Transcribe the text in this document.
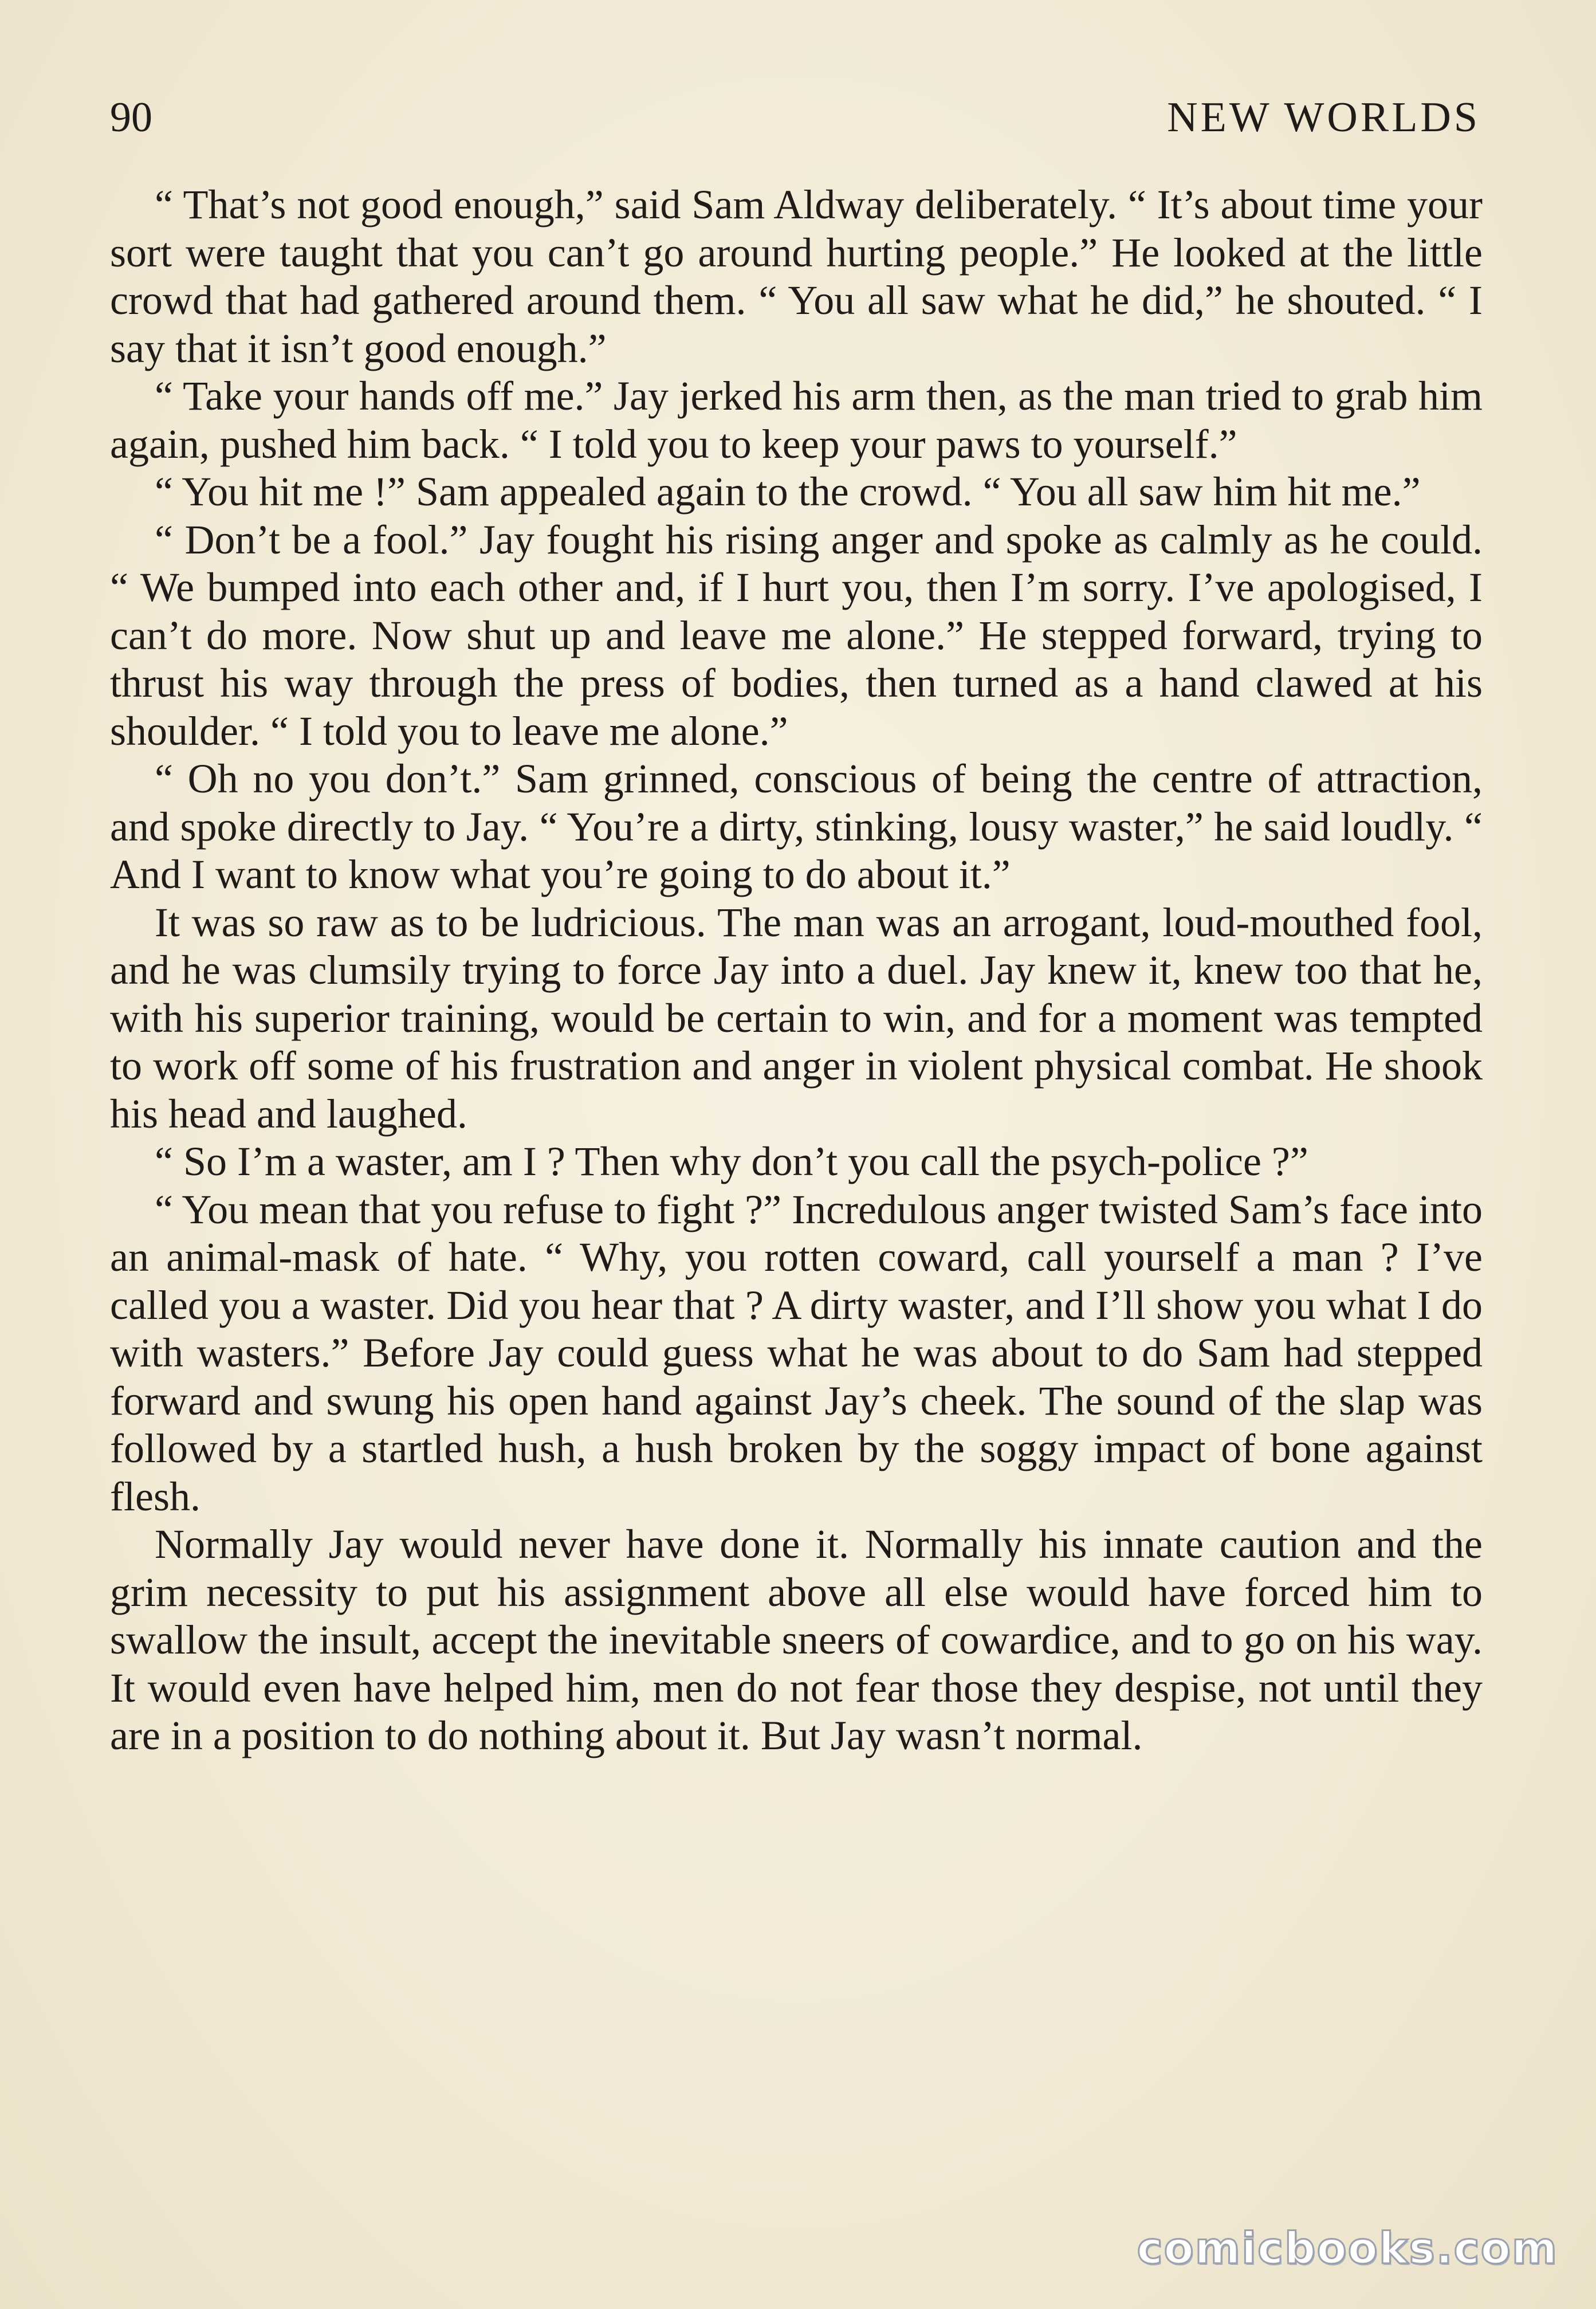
90	NEW WORLDS

“ That’s not good enough,” said Sam Aldway deliberately. “ It’s about time your sort were taught that you can’t go around hurting people.” He looked at the little crowd that had gathered around them. “ You all saw what he did,” he shouted. “ I say that it isn’t good enough.”

“ Take your hands off me.” Jay jerked his arm then, as the man tried to grab him again, pushed him back. “ I told you to keep your paws to yourself.”

“ You hit me !” Sam appealed again to the crowd. “ You all saw him hit me.”

“ Don’t be a fool.” Jay fought his rising anger and spoke as calmly as he could. “ We bumped into each other and, if I hurt you, then I’m sorry. I’ve apologised, I can’t do more. Now shut up and leave me alone.” He stepped forward, trying to thrust his way through the press of bodies, then turned as a hand clawed at his shoulder. “ I told you to leave me alone.”

“ Oh no you don’t.” Sam grinned, conscious of being the centre of attraction, and spoke directly to Jay. “ You’re a dirty, stinking, lousy waster,” he said loudly. “ And I want to know what you’re going to do about it.”

It was so raw as to be ludricious. The man was an arrogant, loud-mouthed fool, and he was clumsily trying to force Jay into a duel. Jay knew it, knew too that he, with his superior training, would be certain to win, and for a moment was tempted to work off some of his frustration and anger in violent physical combat. He shook his head and laughed.

“ So I’m a waster, am I ? Then why don’t you call the psych-police ?”

“ You mean that you refuse to fight ?” Incredulous anger twisted Sam’s face into an animal-mask of hate. “ Why, you rotten coward, call yourself a man ? I’ve called you a waster. Did you hear that ? A dirty waster, and I’ll show you what I do with wasters.” Before Jay could guess what he was about to do Sam had stepped forward and swung his open hand against Jay’s cheek. The sound of the slap was followed by a startled hush, a hush broken by the soggy impact of bone against flesh.

Normally Jay would never have done it. Normally his innate caution and the grim necessity to put his assignment above all else would have forced him to swallow the insult, accept the inevitable sneers of cowardice, and to go on his way. It would even have helped him, men do not fear those they despise, not until they are in a position to do nothing about it. But Jay wasn’t normal.

comicbooks.com
